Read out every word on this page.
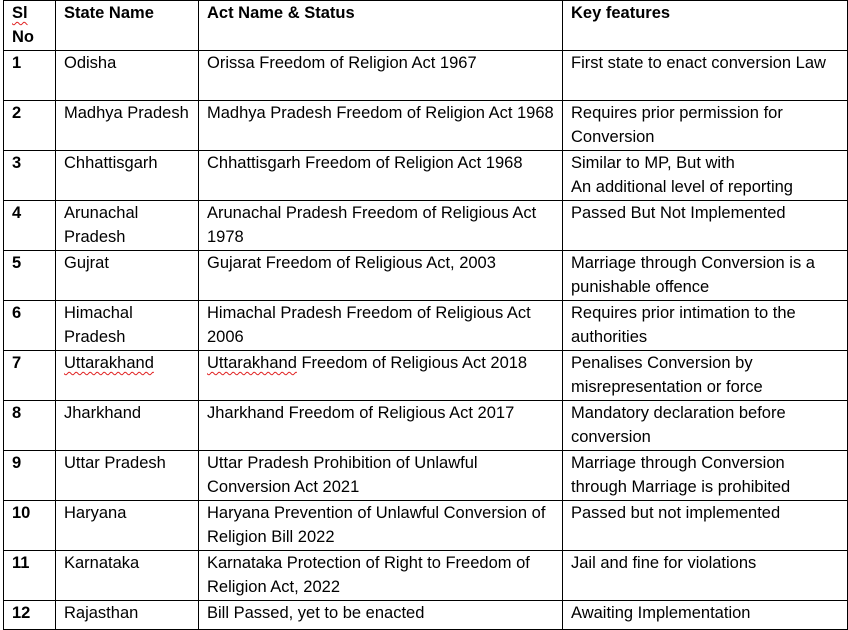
Sl
No	State Name	Act Name & Status	Key features
1	Odisha	Orissa Freedom of Religion Act 1967	First state to enact conversion Law
2	Madhya Pradesh	Madhya Pradesh Freedom of Religion Act 1968	Requires prior permission for Conversion
3	Chhattisgarh	Chhattisgarh Freedom of Religion Act 1968	Similar to MP, But with
An additional level of reporting
4	Arunachal Pradesh	Arunachal Pradesh Freedom of Religious Act 1978	Passed But Not Implemented
5	Gujrat	Gujarat Freedom of Religious Act, 2003	Marriage through Conversion is a punishable offence
6	Himachal Pradesh	Himachal Pradesh Freedom of Religious Act 2006	Requires prior intimation to the authorities
7	Uttarakhand	Uttarakhand Freedom of Religious Act 2018	Penalises Conversion by misrepresentation or force
8	Jharkhand	Jharkhand Freedom of Religious Act 2017	Mandatory declaration before conversion
9	Uttar Pradesh	Uttar Pradesh Prohibition of Unlawful Conversion Act 2021	Marriage through Conversion through Marriage is prohibited
10	Haryana	Haryana Prevention of Unlawful Conversion of Religion Bill 2022	Passed but not implemented
11	Karnataka	Karnataka Protection of Right to Freedom of Religion Act, 2022	Jail and fine for violations
12	Rajasthan	Bill Passed, yet to be enacted	Awaiting Implementation
